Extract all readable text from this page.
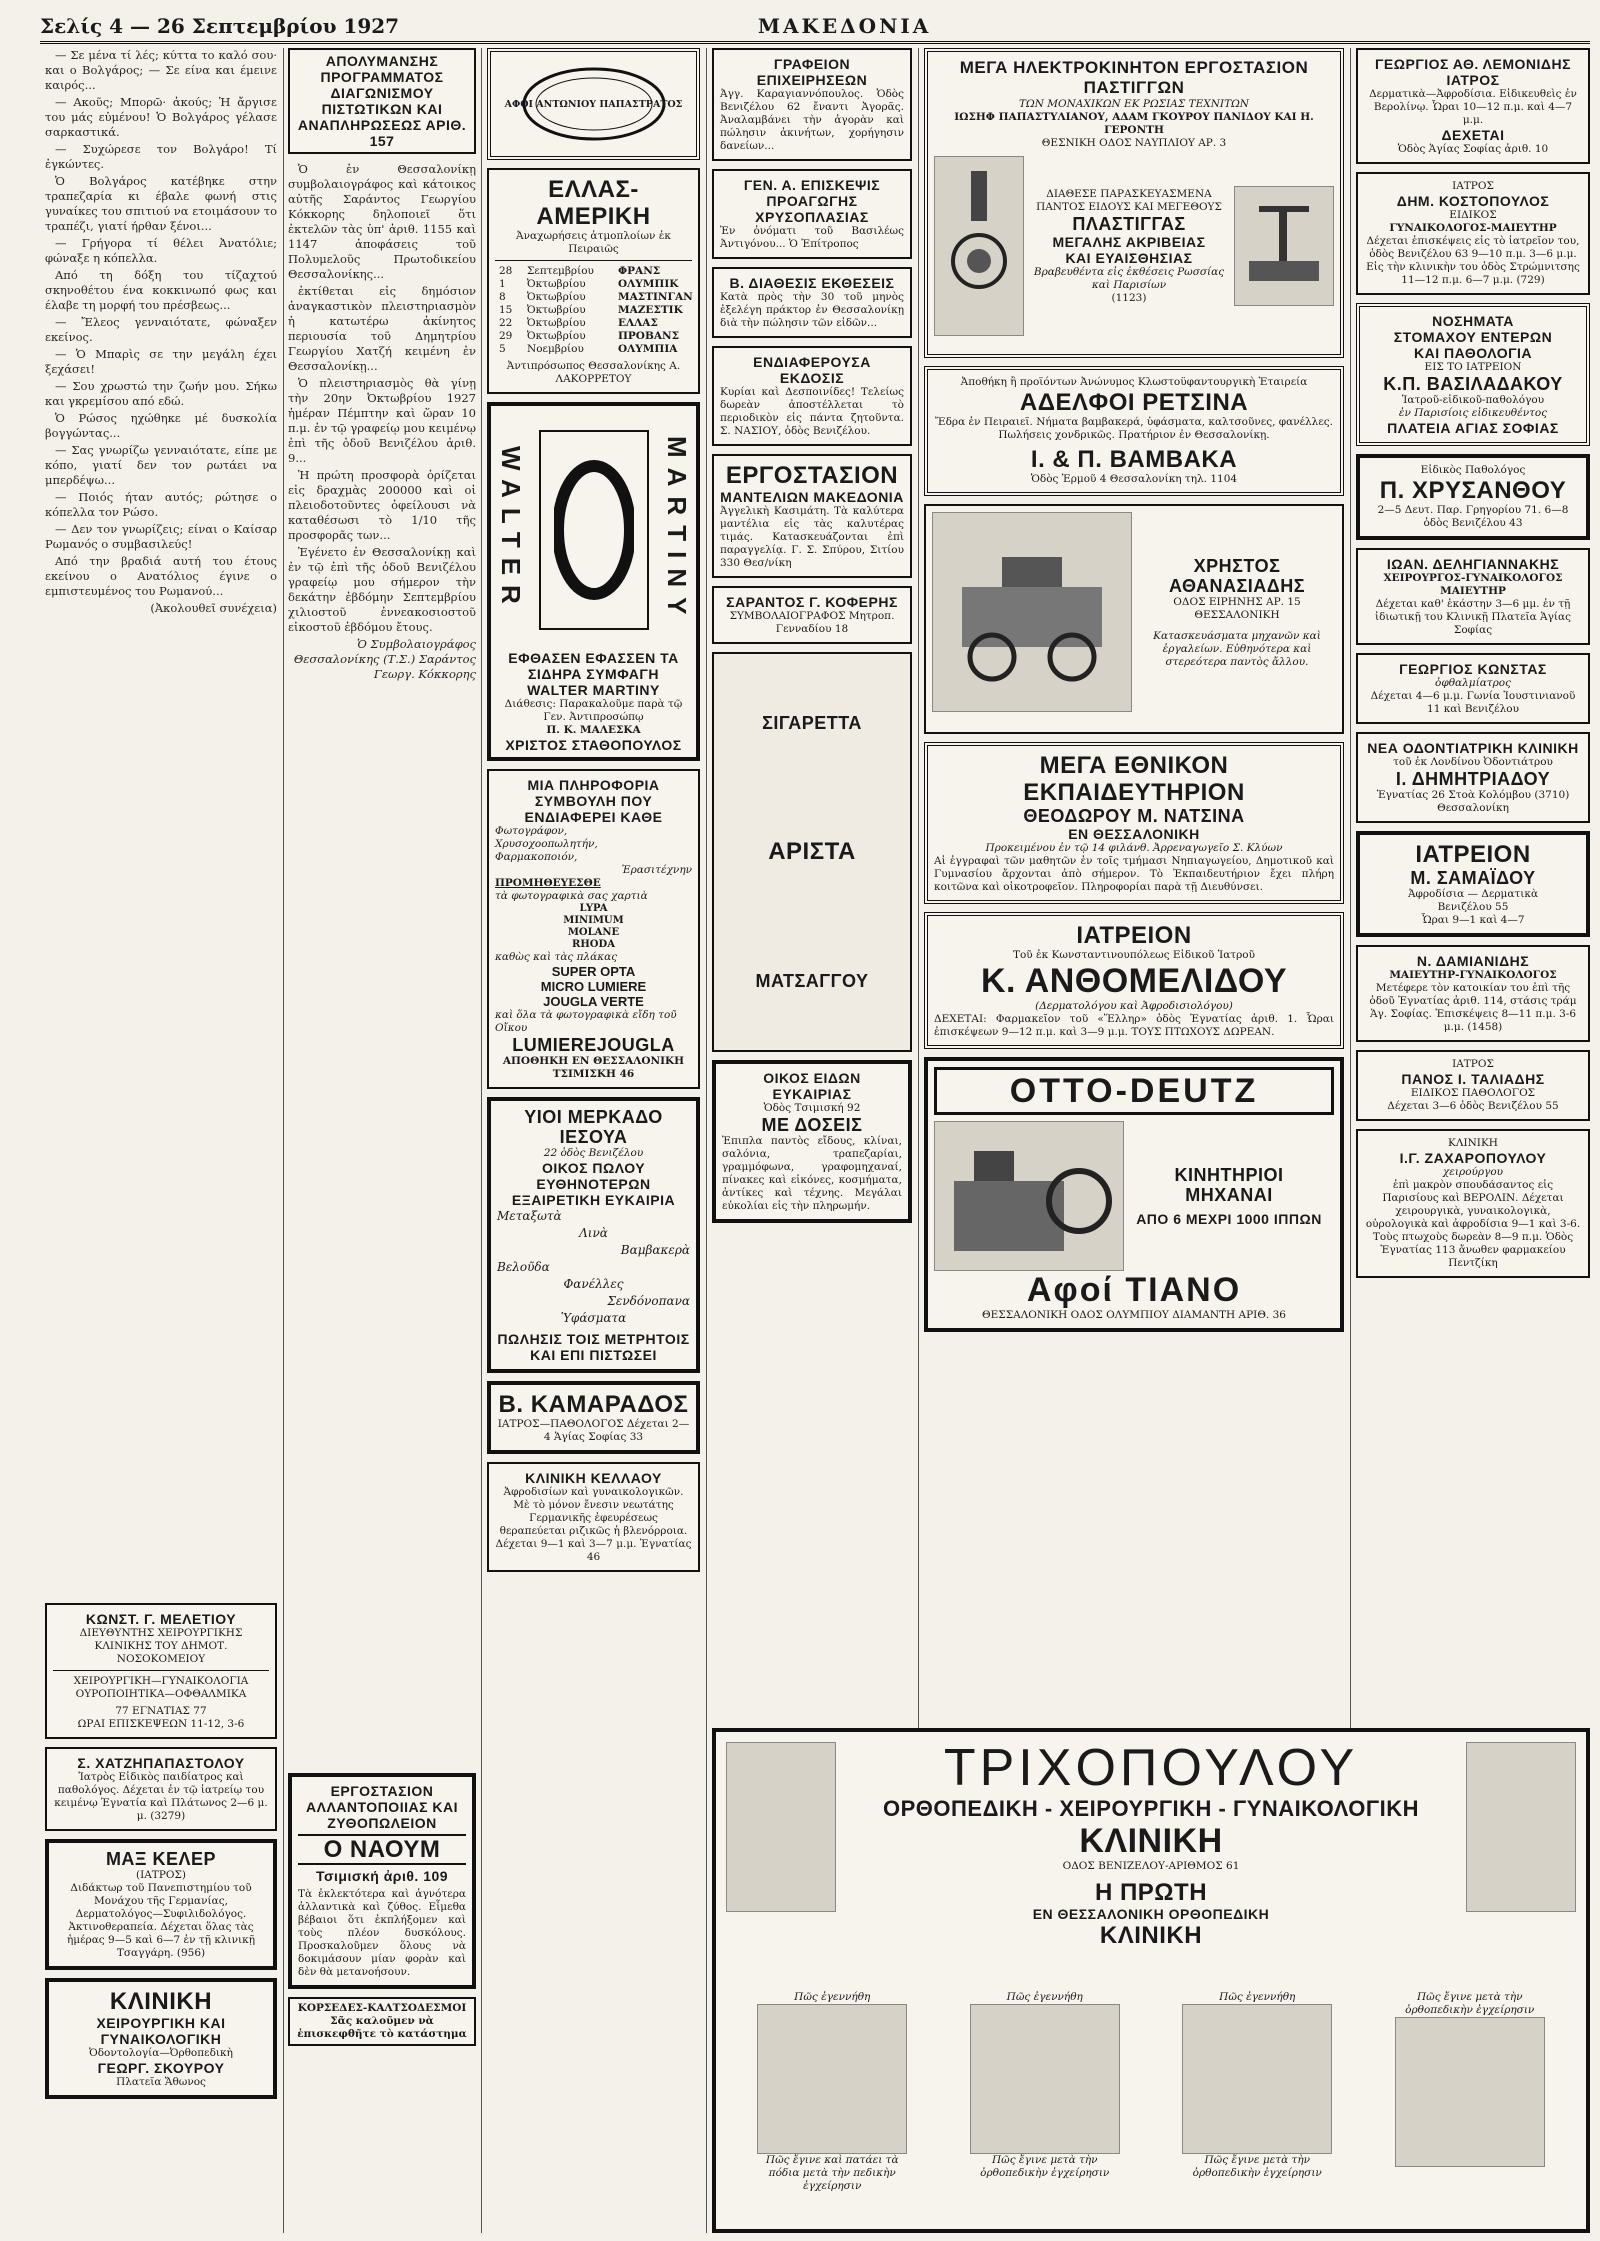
Σελίς 4 — 26 Σεπτεμβρίου 1927	ΜΑΚΕΔΟΝΙΑ

— Σε μένα τί λές; κύττα το καλό σου· και ο Βολγάρος; — Σε είνα και έμεινε καιρός...

— Ακοῦς; Μπορῶ· ἀκούς; Ἡ ἄργισε του μάς εὐμένου! Ὁ Βολγάρος γέλασε σαρκαστικά.

— Συχώρεσε τον Βολγάρο! Τί ἐγκώντες.

Ὁ Βολγάρος κατέβηκε στην τραπεζαρία κι έβαλε φωνή στις γυναίκες του σπιτιού να ετοιμάσουν το τραπέζι, γιατί ήρθαν ξένοι...

— Γρήγορα τί θέλει Ἀνατόλιε; φώναξε η κόπελλα.

Από τη δόξη του τίζαχτού σκηνοθέτου ένα κοκκινωπό φως και έλαβε τη μορφή του πρέσβεως...

— Ἔλεος γενναιότατε, φώναξεν εκείνος.

— Ὁ Μπαρὶς σε την μεγάλη έχει ξεχάσει!

— Σου χρωστώ την ζωήν μου. Σήκω και γκρεμίσου από εδώ.

Ὁ Ρώσος ηχώθηκε μέ δυσκολία βογγώντας...

— Σας γνωρίζω γενναιότατε, είπε με κόπο, γιατί δεν τον ρωτάει να μπερδέψω...

— Ποιός ήταν αυτός; ρώτησε ο κόπελλα τον Ρώσο.

— Δεν τον γνωρίζεις; είναι ο Καίσαρ Ρωμανός ο συμβασιλεύς!

Από την βραδιά αυτή του έτους εκείνου ο Ανατόλιος έγινε ο εμπιστευμένος του Ρωμανού...

(Ἀκολουθεῖ συνέχεια)

ΚΩΝΣΤ. Γ. ΜΕΛΕΤΙΟΥ
ΔΙΕΥΘΥΝΤΗΣ ΧΕΙΡΟΥΡΓΙΚΗΣ ΚΛΙΝΙΚΗΣ ΤΟΥ ΔΗΜΟΤ. ΝΟΣΟΚΟΜΕΙΟΥ
ΧΕΙΡΟΥΡΓΙΚΗ—ΓΥΝΑΙΚΟΛΟΓΙΑ
ΟΥΡΟΠΟΙΗΤΙΚΑ—ΟΦΘΑΛΜΙΚΑ
77 ΕΓΝΑΤΙΑΣ 77
ΩΡΑΙ ΕΠΙΣΚΕΨΕΩΝ 11-12, 3-6
Σ. ΧΑΤΖΗΠΑΠΑΣΤΟΛΟΥ
Ἰατρὸς Εἰδικὸς παιδίατρος καὶ παθολόγος. Δέχεται ἐν τῷ ἰατρείῳ του κειμένῳ Ἐγνατία καὶ Πλάτωνος 2—6 μ. μ. (3279)
ΜΑΞ ΚΕΛΕΡ
(ΙΑΤΡΟΣ)
Διδάκτωρ τοῦ Πανεπιστημίου τοῦ Μονάχου τῆς Γερμανίας, Δερματολόγος—Συφιλιδολόγος. Ἀκτινοθεραπεία. Δέχεται ὅλας τὰς ἡμέρας 9—5 καὶ 6—7 ἐν τῇ κλινικῇ Τσαγγάρη. (956)
ΚΛΙΝΙΚΗ
ΧΕΙΡΟΥΡΓΙΚΗ ΚΑΙ ΓΥΝΑΙΚΟΛΟΓΙΚΗ
Ὀδοντολογία—Ὀρθοπεδικὴ
ΓΕΩΡΓ. ΣΚΟΥΡΟΥ
Πλατεῖα Ἄθωνος
ΑΠΟΛΥΜΑΝΣΗΣ ΠΡΟΓΡΑΜΜΑΤΟΣ ΔΙΑΓΩΝΙΣΜΟΥ ΠΙΣΤΩΤΙΚΩΝ ΚΑΙ ΑΝΑΠΛΗΡΩΣΕΩΣ ΑΡΙΘ. 157

Ὁ ἐν Θεσσαλονίκῃ συμβολαιογράφος καὶ κάτοικος αὐτῆς Σαράντος Γεωργίου Κόκκορης δηλοποιεῖ ὅτι ἐκτελῶν τὰς ὑπ' ἀριθ. 1155 καὶ 1147 ἀποφάσεις τοῦ Πολυμελοῦς Πρωτοδικείου Θεσσαλονίκης...

ἐκτίθεται εἰς δημόσιον ἀναγκαστικὸν πλειστηριασμὸν ἡ κατωτέρω ἀκίνητος περιουσία τοῦ Δημητρίου Γεωργίου Χατζή κειμένη ἐν Θεσσαλονίκῃ...

Ὁ πλειστηριασμὸς θὰ γίνῃ τὴν 20ην Ὀκτωβρίου 1927 ἡμέραν Πέμπτην καὶ ὥραν 10 π.μ. ἐν τῷ γραφείῳ μου κειμένῳ ἐπὶ τῆς ὁδοῦ Βενιζέλου ἀριθ. 9...

Ἡ πρώτη προσφορὰ ὁρίζεται εἰς δραχμὰς 200000 καὶ οἱ πλειοδοτοῦντες ὀφείλουσι νὰ καταθέσωσι τὸ 1/10 τῆς προσφορᾶς των...

Ἐγένετο ἐν Θεσσαλονίκῃ καὶ ἐν τῷ ἐπὶ τῆς ὁδοῦ Βενιζέλου γραφείῳ μου σήμερον τὴν δεκάτην ἐβδόμην Σεπτεμβρίου χιλιοστοῦ ἐννεακοσιοστοῦ εἰκοστοῦ ἐβδόμου ἔτους.

Ὁ Συμβολαιογράφος Θεσσαλονίκης (Τ.Σ.) Σαράντος Γεωργ. Κόκκορης

ΕΡΓΟΣΤΑΣΙΟΝ ΑΛΛΑΝΤΟΠΟΙΙΑΣ ΚΑΙ ΖΥΘΟΠΩΛΕΙΟΝ
Ο ΝΑΟΥΜ
Τσιμισκή ἀριθ. 109
Τὰ ἐκλεκτότερα καὶ ἁγνότερα ἀλλαντικὰ καὶ ζύθος. Εἶμεθα βέβαιοι ὅτι ἐκπλήξομεν καὶ τοὺς πλέον δυσκόλους. Προσκαλοῦμεν ὅλους νὰ δοκιμάσουν μίαν φορὰν καὶ δὲν θὰ μετανοήσουν.
ΚΟΡΣΕΔΕΣ-ΚΑΛΤΣΟΔΕΣΜΟΙ Σᾶς καλοῦμεν νὰ ἐπισκεφθῆτε τὸ κατάστημα
ΑΦΟΙ ΑΝΤΩΝΙΟΥ ΠΑΠΑΣΤΡΑΤΟΣ
ΕΛΛΑΣ-ΑΜΕΡΙΚΗ
Ἀναχωρήσεις ἀτμοπλοίων ἐκ Πειραιῶς
28	Σεπτεμβρίου	ΦΡΑΝΣ
1	Ὀκτωβρίου	ΟΛΥΜΠΙΚ
8	Ὀκτωβρίου	ΜΑΣΤΙΝΓΑΝ
15	Ὀκτωβρίου	ΜΑΖΕΣΤΙΚ
22	Ὀκτωβρίου	ΕΛΛΑΣ
29	Ὀκτωβρίου	ΠΡΟΒΑΝΣ
5	Νοεμβρίου	ΟΛΥΜΠΙΑ
Ἀντιπρόσωπος Θεσσαλονίκης Α. ΛΑΚΟΡΡΕΤΟΥ
WALTER	MARTINY
ΕΦΘΑΣΕΝ ΕΦΑΣΣΕΝ ΤΑ ΣΙΔΗΡΑ ΣΥΜΦΑΓΗ
WALTER MARTINY
Διάθεσις: Παρακαλοῦμε παρὰ τῷ Γεν. Ἀντιπροσώπῳ
Π. Κ. ΜΑΛΕΣΚΑ
ΧΡΙΣΤΟΣ ΣΤΑΘΟΠΟΥΛΟΣ
ΜΙΑ ΠΛΗΡΟΦΟΡΙΑ ΣΥΜΒΟΥΛΗ ΠΟΥ ΕΝΔΙΑΦΕΡΕΙ ΚΑΘΕ
Φωτογράφον,
Χρυσοχοοπωλητήν,
Φαρμακοποιόν,
Ἐρασιτέχνην
ΠΡΟΜΗΘΕΥΕΣΘΕ
τὰ φωτογραφικὰ σας χαρτιὰ
LYPA
MINIMUM
MOLANE
RHODA
καθὼς καὶ τὰς πλάκας
SUPER OPTA
MICRO LUMIERE
JOUGLA VERTE
καὶ ὅλα τὰ φωτογραφικὰ εἴδη τοῦ Οἴκου
LUMIEREJOUGLA
ΑΠΟΘΗΚΗ ΕΝ ΘΕΣΣΑΛΟΝΙΚΗ ΤΣΙΜΙΣΚΗ 46
ΥΙΟΙ ΜΕΡΚΑΔΟ ΙΕΣΟΥΑ
22 ὁδὸς Βενιζέλου
ΟΙΚΟΣ ΠΩΛΟΥ ΕΥΘΗΝΟΤΕΡΩΝ ΕΞΑΙΡΕΤΙΚΗ ΕΥΚΑΙΡΙΑ
Μεταξωτὰ
Λινὰ
Βαμβακερὰ
Βελοῦδα
Φανέλλες
Σενδόνοπανα
Ὑφάσματα
ΠΩΛΗΣΙΣ ΤΟΙΣ ΜΕΤΡΗΤΟΙΣ ΚΑΙ ΕΠΙ ΠΙΣΤΩΣΕΙ
Β. ΚΑΜΑΡΑΔΟΣ
ΙΑΤΡΟΣ—ΠΑΘΟΛΟΓΟΣ Δέχεται 2—4 Ἁγίας Σοφίας 33
ΚΛΙΝΙΚΗ ΚΕΛΛΑΟΥ
Ἀφροδισίων καὶ γυναικολογικῶν. Μὲ τὸ μόνον ἔνεσιν νεωτάτης Γερμανικῆς ἐφευρέσεως θεραπεύεται ριζικῶς ἡ βλενόρροια. Δέχεται 9—1 καὶ 3—7 μ.μ. Ἐγνατίας 46
ΓΡΑΦΕΙΟΝ ΕΠΙΧΕΙΡΗΣΕΩΝ
Ἀγγ. Καραγιαννόπουλος. Ὁδὸς Βενιζέλου 62 ἔναντι Ἀγορᾶς. Ἀναλαμβάνει τὴν ἀγορὰν καὶ πώλησιν ἀκινήτων, χορήγησιν δανείων...
ΓΕΝ. Α. ΕΠΙΣΚΕΨΙΣ ΠΡΟΑΓΩΓΗΣ ΧΡΥΣΟΠΛΑΣΙΑΣ
Ἐν ὀνόματι τοῦ Βασιλέως Ἀντιγόνου... Ὁ Ἐπίτροπος
Β. ΔΙΑΘΕΣΙΣ ΕΚΘΕΣΕΙΣ
Κατὰ πρὸς τὴν 30 τοῦ μηνὸς ἐξελέγη πράκτορ ἐν Θεσσαλονίκῃ διὰ τὴν πώλησιν τῶν εἰδῶν...
ΕΝΔΙΑΦΕΡΟΥΣΑ ΕΚΔΟΣΙΣ
Κυρίαι καὶ Δεσποινίδες! Τελείως δωρεὰν ἀποστέλλεται τὸ περιοδικὸν εἰς πάντα ζητοῦντα. Σ. ΝΑΣΙΟΥ, ὁδὸς Βενιζέλου.
ΕΡΓΟΣΤΑΣΙΟΝ
ΜΑΝΤΕΛΙΩΝ ΜΑΚΕΔΟΝΙΑ
Ἀγγελικὴ Κασιμάτη. Τὰ καλύτερα μαντέλια εἰς τὰς καλυτέρας τιμάς. Κατασκευάζονται ἐπὶ παραγγελίᾳ. Γ. Σ. Σπύρου, Σιτίου 330 Θεσ/νίκη
ΣΑΡΑΝΤΟΣ Γ. ΚΟΦΕΡΗΣ
ΣΥΜΒΟΛΑΙΟΓΡΑΦΟΣ Μητροπ. Γενναδίου 18
ΣΙΓΑΡΕΤΤΑ
ΑΡΙΣΤΑ
ΜΑΤΣΑΓΓΟΥ
ΟΙΚΟΣ ΕΙΔΩΝ ΕΥΚΑΙΡΙΑΣ
Ὁδὸς Τσιμισκή 92
ΜΕ ΔΟΣΕΙΣ
Ἐπιπλα παντὸς εἴδους, κλίναι, σαλόνια, τραπεζαρίαι, γραμμόφωνα, γραφομηχαναί, πίνακες καὶ εἰκόνες, κοσμήματα, ἀντίκες καὶ τέχνης. Μεγάλαι εὐκολίαι εἰς τὴν πληρωμήν.
ΜΕΓΑ ΗΛΕΚΤΡΟΚΙΝΗΤΟΝ ΕΡΓΟΣΤΑΣΙΟΝ ΠΑΣΤΙΓΓΩΝ
ΤΩΝ ΜΟΝΑΧΙΚΩΝ ΕΚ ΡΩΣΙΑΣ ΤΕΧΝΙΤΩΝ
ΙΩΣΗΦ ΠΑΠΑΣΤΥΛΙΑΝΟΥ, ΑΔΑΜ ΓΚΟΥΡΟΥ ΠΑΝΙΔΟΥ ΚΑΙ Η. ΓΕΡΟΝΤΗ
ΘΕΣΝΙΚΗ ΟΔΟΣ ΝΑΥΠΛΙΟΥ ΑΡ. 3
ΔΙΑΘΕΣΕ ΠΑΡΑΣΚΕΥΑΣΜΕΝΑ
ΠΑΝΤΟΣ ΕΙΔΟΥΣ ΚΑΙ ΜΕΓΕΘΟΥΣ
ΠΛΑΣΤΙΓΓΑΣ
ΜΕΓΑΛΗΣ ΑΚΡΙΒΕΙΑΣ
ΚΑΙ ΕΥΑΙΣΘΗΣΙΑΣ
Βραβευθέντα εἰς ἐκθέσεις Ρωσσίας καὶ Παρισίων
(1123)
Ἀποθήκη ἢ προϊόντων Ἀνώνυμος Κλωστοϋφαντουργικὴ Ἑταιρεία
ΑΔΕΛΦΟΙ ΡΕΤΣΙΝΑ
Ἔδρα ἐν Πειραιεῖ. Νήματα βαμβακερά, ὑφάσματα, καλτσοῦνες, φανέλλες. Πωλήσεις χονδρικῶς. Πρατήριον ἐν Θεσσαλονίκῃ.
Ι. & Π. ΒΑΜΒΑΚΑ
Ὁδὸς Ἐρμοῦ 4 Θεσσαλονίκη τηλ. 1104
ΧΡΗΣΤΟΣ ΑΘΑΝΑΣΙΑΔΗΣ
ΟΔΟΣ ΕΙΡΗΝΗΣ ΑΡ. 15
ΘΕΣΣΑΛΟΝΙΚΗ
Κατασκευάσματα μηχανῶν καὶ ἐργαλείων. Εὐθηνότερα καὶ στερεότερα παντὸς ἄλλου.
ΜΕΓΑ ΕΘΝΙΚΟΝ ΕΚΠΑΙΔΕΥΤΗΡΙΟΝ
ΘΕΟΔΩΡΟΥ Μ. ΝΑΤΣΙΝΑ
ΕΝ ΘΕΣΣΑΛΟΝΙΚΗ
Προκειμένου ἐν τῷ 14 φιλάνθ. Ἀρρεναγωγεῖο Σ. Κλύων
Αἱ ἐγγραφαὶ τῶν μαθητῶν ἐν τοῖς τμήμασι Νηπιαγωγείου, Δημοτικοῦ καὶ Γυμνασίου ἄρχονται ἀπὸ σήμερον. Τὸ Ἐκπαιδευτήριον ἔχει πλήρη κοιτῶνα καὶ οἰκοτροφεῖον. Πληροφορίαι παρὰ τῇ Διευθύνσει.
ΙΑΤΡΕΙΟΝ
Τοῦ ἐκ Κωνσταντινουπόλεως Εἰδικοῦ Ἰατροῦ
Κ. ΑΝΘΟΜΕΛΙΔΟΥ
(Δερματολόγου καὶ Ἀφροδισιολόγου)
ΔΕΧΕΤΑΙ: Φαρμακεῖον τοῦ «Ἕλληρ» ὁδὸς Ἐγνατίας ἀριθ. 1. Ὧραι ἐπισκέψεων 9—12 π.μ. καὶ 3—9 μ.μ. ΤΟΥΣ ΠΤΩΧΟΥΣ ΔΩΡΕΑΝ.
OTTO-DEUTZ
ΚΙΝΗΤΗΡΙΟΙ
ΜΗΧΑΝΑΙ
ΑΠΟ 6 ΜΕΧΡΙ 1000 ΙΠΠΩΝ
Αφοί ΤΙΑΝΟ
ΘΕΣΣΑΛΟΝΙΚΗ ΟΔΟΣ ΟΛΥΜΠΙΟΥ ΔΙΑΜΑΝΤΗ ΑΡΙΘ. 36
ΓΕΩΡΓΙΟΣ ΑΘ. ΛΕΜΟΝΙΔΗΣ
ΙΑΤΡΟΣ
Δερματικὰ—Ἀφροδίσια. Εἰδικευθεὶς ἐν Βερολίνῳ. Ὧραι 10—12 π.μ. καὶ 4—7 μ.μ.
ΔΕΧΕΤΑΙ
Ὁδὸς Ἁγίας Σοφίας ἀριθ. 10
ΙΑΤΡΟΣ
ΔΗΜ. ΚΟΣΤΟΠΟΥΛΟΣ
ΕΙΔΙΚΟΣ
ΓΥΝΑΙΚΟΛΟΓΟΣ-ΜΑΙΕΥΤΗΡ
Δέχεται ἐπισκέψεις εἰς τὸ ἰατρεῖον του, ὁδὸς Βενιζέλου 63 9—10 π.μ. 3—6 μ.μ. Εἰς τὴν κλινικὴν του ὁδὸς Στρώμνιτσης 11—12 π.μ. 6—7 μ.μ. (729)
ΝΟΣΗΜΑΤΑ
ΣΤΟΜΑΧΟΥ ΕΝΤΕΡΩΝ
ΚΑΙ ΠΑΘΟΛΟΓΙΑ
ΕΙΣ ΤΟ ΙΑΤΡΕΙΟΝ
Κ.Π. ΒΑΣΙΛΑΔΑΚΟΥ
Ἰατροῦ-εἰδικοῦ-παθολόγου
ἐν Παρισίοις εἰδικευθέντος
ΠΛΑΤΕΙΑ ΑΓΙΑΣ ΣΟΦΙΑΣ
Εἰδικὸς Παθολόγος
Π. ΧΡΥΣΑΝΘΟΥ
2—5 Δευτ. Παρ. Γρηγορίου 71. 6—8 ὁδὸς Βενιζέλου 43
ΙΩΑΝ. ΔΕΛΗΓΙΑΝΝΑΚΗΣ
ΧΕΙΡΟΥΡΓΟΣ-ΓΥΝΑΙΚΟΛΟΓΟΣ ΜΑΙΕΥΤΗΡ
Δέχεται καθ' ἑκάστην 3—6 μμ. ἐν τῇ ἰδιωτικῇ του Κλινικῇ Πλατεῖα Ἁγίας Σοφίας
ΓΕΩΡΓΙΟΣ ΚΩΝΣΤΑΣ
ὀφθαλμίατρος
Δέχεται 4—6 μ.μ. Γωνία Ἰουστινιανοῦ 11 καὶ Βενιζέλου
ΝΕΑ ΟΔΟΝΤΙΑΤΡΙΚΗ ΚΛΙΝΙΚΗ
τοῦ ἐκ Λονδίνου Ὀδοντιάτρου
Ι. ΔΗΜΗΤΡΙΑΔΟΥ
Ἐγνατίας 26 Στοὰ Κολόμβου (3710) Θεσσαλονίκη
ΙΑΤΡΕΙΟΝ
Μ. ΣΑΜΑΪΔΟΥ
Ἀφροδίσια — Δερματικὰ
Βενιζέλου 55
Ὧραι 9—1 καὶ 4—7
Ν. ΔΑΜΙΑΝΙΔΗΣ
ΜΑΙΕΥΤΗΡ-ΓΥΝΑΙΚΟΛΟΓΟΣ
Μετέφερε τὸν κατοικίαν του ἐπὶ τῆς ὁδοῦ Ἐγνατίας ἀριθ. 114, στάσις τράμ Ἁγ. Σοφίας. Ἐπισκέψεις 8—11 π.μ. 3-6 μ.μ. (1458)
ΙΑΤΡΟΣ
ΠΑΝΟΣ Ι. ΤΑΛΙΑΔΗΣ
ΕΙΔΙΚΟΣ ΠΑΘΟΛΟΓΟΣ
Δέχεται 3—6 ὁδὸς Βενιζέλου 55
ΚΛΙΝΙΚΗ
Ι.Γ. ΖΑΧΑΡΟΠΟΥΛΟΥ
χειρούργου
ἐπὶ μακρὸν σπουδάσαντος εἰς Παρισίους καὶ ΒΕΡΟΛΙΝ. Δέχεται χειρουργικὰ, γυναικολογικὰ, οὐρολογικὰ καὶ ἀφροδίσια 9—1 καὶ 3-6. Τοὺς πτωχοὺς δωρεὰν 8—9 π.μ. Ὁδὸς Ἐγνατίας 113 ἄνωθεν φαρμακείου Πεντζίκη
ΤΡΙΧΟΠΟΥΛΟΥ
ΟΡΘΟΠΕΔΙΚΗ - ΧΕΙΡΟΥΡΓΙΚΗ - ΓΥΝΑΙΚΟΛΟΓΙΚΗ
ΚΛΙΝΙΚΗ
ΟΔΟΣ ΒΕΝΙΖΕΛΟΥ-ΑΡΙΘΜΟΣ 61
Η ΠΡΩΤΗ
ΕΝ ΘΕΣΣΑΛΟΝΙΚΗ ΟΡΘΟΠΕΔΙΚΗ
ΚΛΙΝΙΚΗ
Πῶς ἐγεννήθη
Πῶς ἔγινε καὶ πατάει τὰ πόδια μετὰ τὴν πεδικὴν ἐγχείρησιν
Πῶς ἐγεννήθη
Πῶς ἔγινε μετὰ τὴν ὀρθοπεδικὴν ἐγχείρησιν
Πῶς ἐγεννήθη
Πῶς ἔγινε μετὰ τὴν ὀρθοπεδικὴν ἐγχείρησιν
Πῶς ἔγινε μετὰ τὴν ὀρθοπεδικὴν ἐγχείρησιν
